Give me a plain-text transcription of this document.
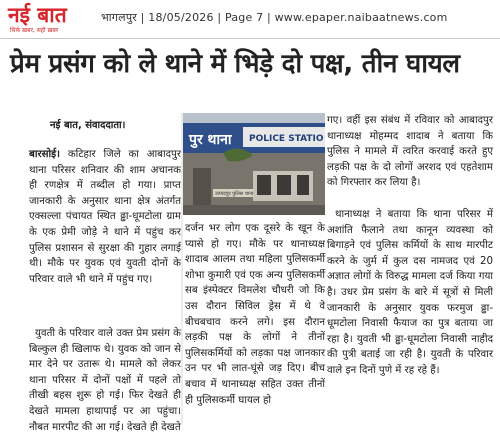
नई बात
सिर्फ़ ख़बर, सही ख़बर
भागलपुर | 18/05/2026 | Page 7 | www.epaper.naibaatnews.com
प्रेम प्रसंग को ले थाने में भिड़े दो पक्ष, तीन घायल
नई बात, संवाददाता।

बारसोई। कटिहार जिले का आबादपुर थाना परिसर शनिवार की शाम अचानक ही रणक्षेत्र में तब्दील हो गया। प्राप्त जानकारी के अनुसार थाना क्षेत्र अंतर्गत एक्सल्ला पंचायत स्थित ढ्ढा-धूमटोला ग्राम के एक प्रेमी जोड़े ने थाने में पहुंच कर पुलिस प्रशासन से सुरक्षा की गुहार लगाई थी। मौके पर युवक एवं युवती दोनों के परिवार वाले भी थाने में पहुंच गए।

युवती के परिवार वाले उक्त प्रेम प्रसंग के बिल्कुल ही खिलाफ थे। युवक को जान से मार देने पर उतारू थे। मामले को लेकर थाना परिसर में दोनों पक्षों में पहले तो तीखी बहस शुरू हो गई। फिर देखते ही देखते मामला हाथापाई पर आ पहुंचा। नौबत मारपीट की आ गई। देखते ही देखते

पुर थाना POLICE STATIO
उत्पादपुर पुलिस थाना

दर्जन भर लोग एक दूसरे के खून के प्यासे हो गए। मौके पर थानाध्यक्ष शादाब आलम तथा महिला पुलिसकर्मी शोभा कुमारी एवं एक अन्य पुलिसकर्मी सब इंस्पेक्टर विमलेश चौधरी जो कि उस दौरान सिविल ड्रेस में थे वे बीचबचाव करने लगे। इस दौरान लड़की पक्ष के लोगों ने तीनों पुलिसकर्मियों को लड़का पक्ष जानकार उन पर भी लात-घूंसे जड़ दिए। बीच बचाव में थानाध्यक्ष सहित उक्त तीनों ही पुलिसकर्मी घायल हो

गए। वहीं इस संबंध में रविवार को आबादपुर थानाध्यक्ष मोहम्मद शादाब ने बताया कि पुलिस ने मामले में त्वरित करवाई करते हुए लड़की पक्ष के दो लोगों अरशद एवं एहतेशाम को गिरफ्तार कर लिया है।

थानाध्यक्ष ने बताया कि थाना परिसर में अशांति फैलाने तथा कानून व्यवस्था को बिगाड़ने एवं पुलिस कर्मियों के साथ मारपीट करने के जुर्म में कुल दस नामजद एवं 20 अज्ञात लोगों के विरुद्ध मामला दर्ज किया गया है। उधर प्रेम प्रसंग के बारे में सूत्रों से मिली जानकारी के अनुसार युवक फरमुज ढ्ढा-धूमटोला निवासी फैयाज का पुत्र बताया जा रहा है। युवती भी ढ्ढा-धूमटोला निवासी नाहीद की पुत्री बताई जा रही है। युवती के परिवार वाले इन दिनों पुणे में रह रहे हैं।
